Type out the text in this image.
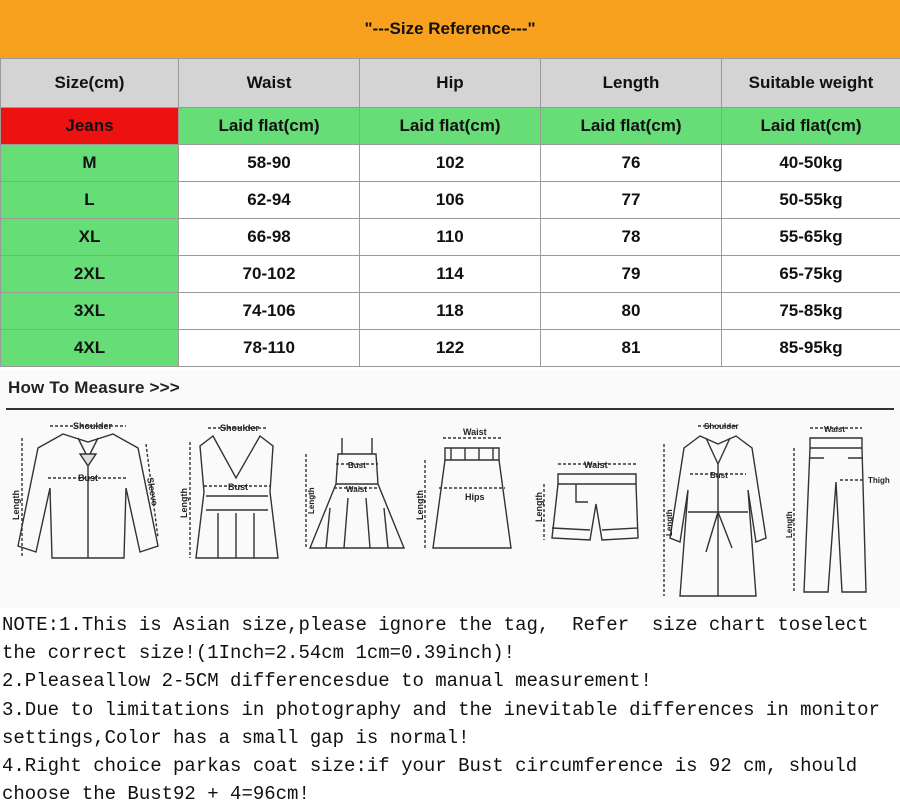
"---Size Reference---"
Size(cm)	Waist	Hip	Length	Suitable weight
Jeans	Laid flat(cm)	Laid flat(cm)	Laid flat(cm)	Laid flat(cm)
M	58-90	102	76	40-50kg
L	62-94	106	77	50-55kg
XL	66-98	110	78	55-65kg
2XL	70-102	114	79	65-75kg
3XL	74-106	118	80	75-85kg
4XL	78-110	122	81	85-95kg
How To Measure >>>
Shoulder
Bust
Length	Sleeve
Shoulder
Bust
Length
Bust
Waist
Length
Waist
Hips
Length
Waist
Length
Shoulder
Bust
Length
Waist
Thigh
Length
NOTE:1.This is Asian size,please ignore the tag,  Refer  size chart toselect
the correct size!(1Inch=2.54cm 1cm=0.39inch)!
2.Pleaseallow 2-5CM differencesdue to manual measurement!
3.Due to limitations in photography and the inevitable differences in monitor
settings,Color has a small gap is normal!
4.Right choice parkas coat size:if your Bust circumference is 92 cm, should
choose the Bust92 + 4=96cm!
